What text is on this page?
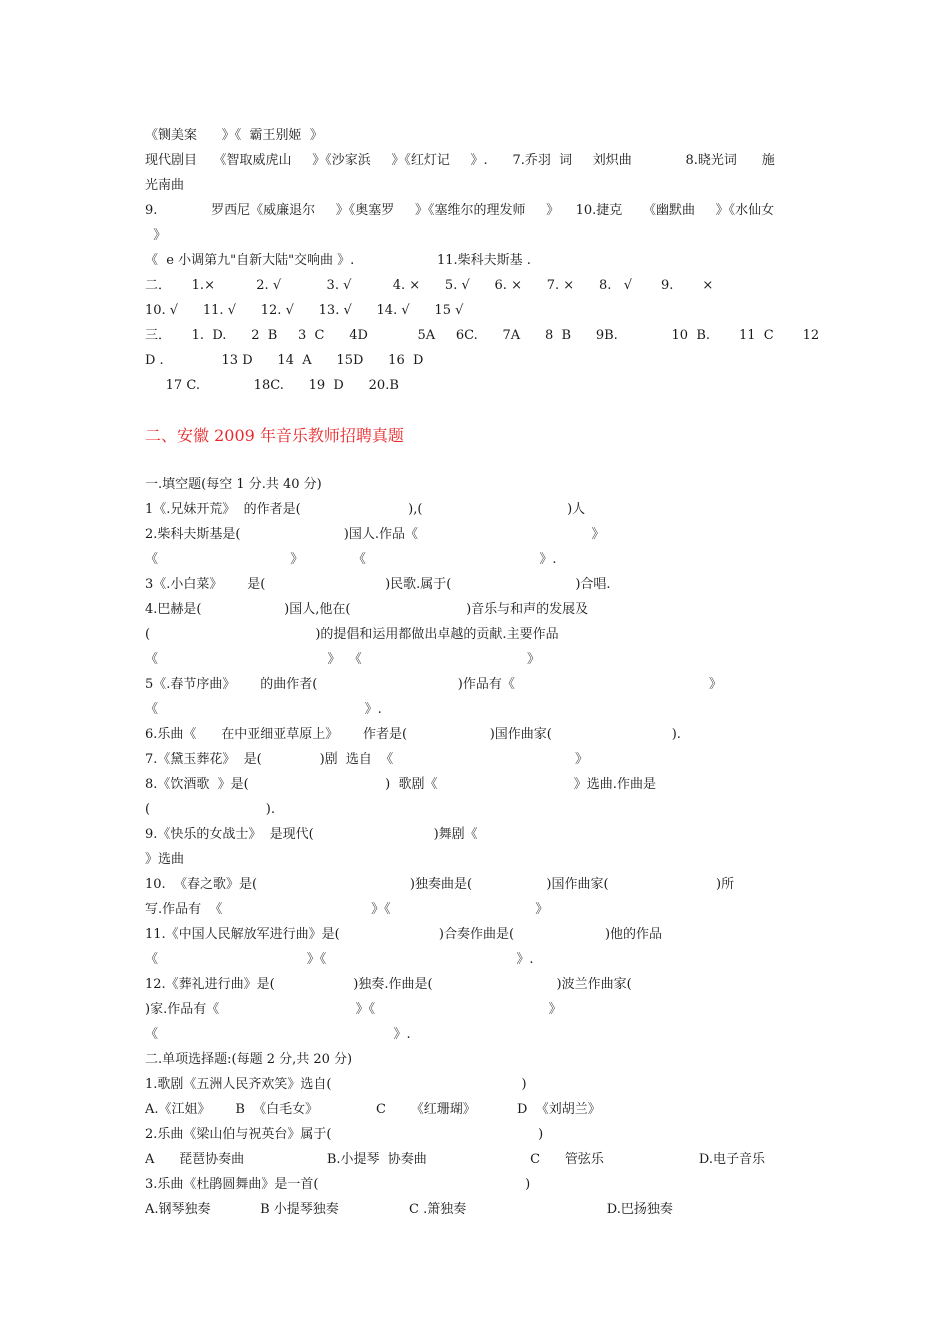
《铡美案      》《  霸王别姬  》
现代剧目    《智取威虎山     》《沙家浜     》《红灯记     》.      7.乔羽  词     刘炽曲             8.晓光词      施
光南曲
9.             罗西尼《威廉退尔     》《奥塞罗     》《塞维尔的理发师     》    10.捷克     《幽默曲     》《水仙女
》
《  e 小调第九"自新大陆"交响曲 》.                    11.柴科夫斯基 .
二．     1.×          2. √           3. √          4. ×      5. √      6. ×      7. ×      8.   √       9.       ×
10. √      11. √      12. √      13. √      14. √      15 √
三．     1.  D.      2  B     3  C      4D            5A     6C.      7A      8  B      9B.             10  B.       11  C       12
D .              13 D      14  A      15D      16  D
17 C.             18C.      19  D      20.B
二、安徽 2009 年音乐教师招聘真题
一.填空题(每空 1 分.共 40 分)
1《.兄妹开荒》  的作者是(                          ),(                                   )人
2.柴科夫斯基是(                         )国人.作品《                                          》
《                                》            《                                          》.
3《.小白菜》      是(                             )民歌.属于(                              )合唱.
4.巴赫是(                    )国人,他在(                            )音乐与和声的发展及
(                                        )的提倡和运用都做出卓越的贡献.主要作品
《                                         》  《                                        》
5《.春节序曲》      的曲作者(                                  )作品有《                                               》
《                                                  》.
6.乐曲《      在中亚细亚草原上》      作者是(                    )国作曲家(                             ).
7.《黛玉葬花》  是(              )剧  选自  《                                            》
8.《饮酒歌  》是(                                 )  歌剧《                                 》选曲.作曲是
(                            ).
9.《快乐的女战士》  是现代(                             )舞剧《
》选曲
10.  《春之歌》是(                                     )独奏曲是(                  )国作曲家(                          )所
写.作品有  《                                    》《                                   》
11.《中国人民解放军进行曲》是(                        )合奏作曲是(                      )他的作品
《                                    》《                                              》.
12.《葬礼进行曲》是(                   )独奏.作曲是(                              )波兰作曲家(
)家.作品有《                                 》《                                          》
《                                                         》.
二.单项选择题:(每题 2 分,共 20 分)
1.歌剧《五洲人民齐欢笑》选自(                                              )
A.《江姐》      B  《白毛女》              C      《红珊瑚》          D  《刘胡兰》
2.乐曲《梁山伯与祝英台》属于(                                                  )
A      琵琶协奏曲                    B.小提琴  协奏曲                         C      管弦乐                       D.电子音乐
3.乐曲《杜鹃圆舞曲》是一首(                                                  )
A.钢琴独奏            B 小提琴独奏                 C .箫独奏                                  D.巴扬独奏
